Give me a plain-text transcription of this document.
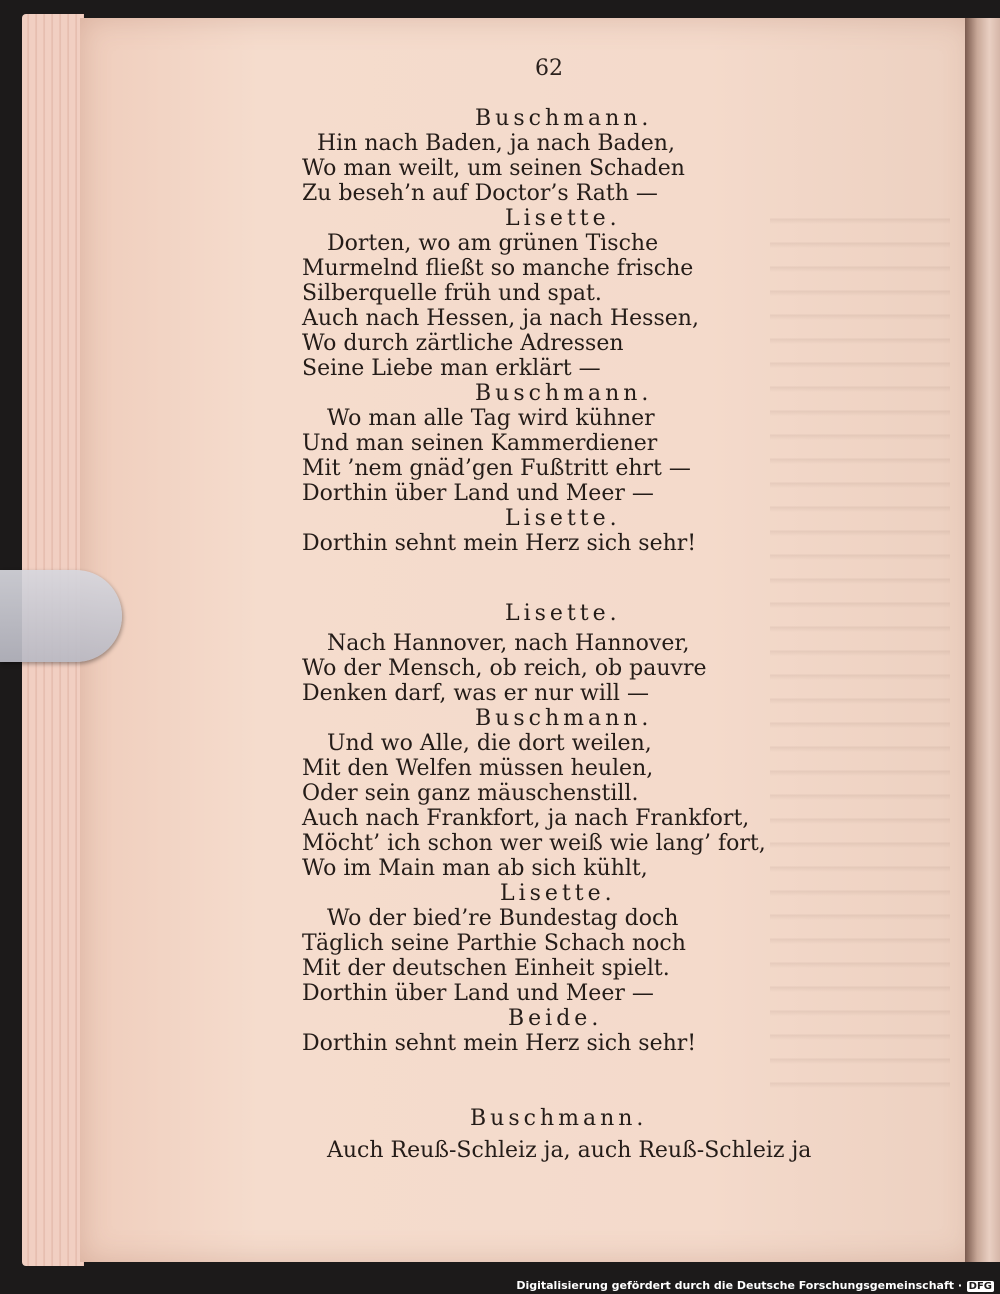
62
Buschmann.
Hin nach Baden, ja nach Baden,
Wo man weilt, um seinen Schaden
Zu beseh’n auf Doctor’s Rath —
Lisette.
Dorten, wo am grünen Tische
Murmelnd fließt so manche frische
Silberquelle früh und spat.
Auch nach Hessen, ja nach Hessen,
Wo durch zärtliche Adressen
Seine Liebe man erklärt —
Buschmann.
Wo man alle Tag wird kühner
Und man seinen Kammerdiener
Mit ’nem gnäd’gen Fußtritt ehrt —
Dorthin über Land und Meer —
Lisette.
Dorthin sehnt mein Herz sich sehr!
Lisette.
Nach Hannover, nach Hannover,
Wo der Mensch, ob reich, ob pauvre
Denken darf, was er nur will —
Buschmann.
Und wo Alle, die dort weilen,
Mit den Welfen müssen heulen,
Oder sein ganz mäuschenstill.
Auch nach Frankfort, ja nach Frankfort,
Möcht’ ich schon wer weiß wie lang’ fort,
Wo im Main man ab sich kühlt,
Lisette.
Wo der bied’re Bundestag doch
Täglich seine Parthie Schach noch
Mit der deutschen Einheit spielt.
Dorthin über Land und Meer —
Beide.
Dorthin sehnt mein Herz sich sehr!
Buschmann.
Auch Reuß-Schleiz ja, auch Reuß-Schleiz ja
Digitalisierung gefördert durch die Deutsche Forschungsgemeinschaft · DFG
